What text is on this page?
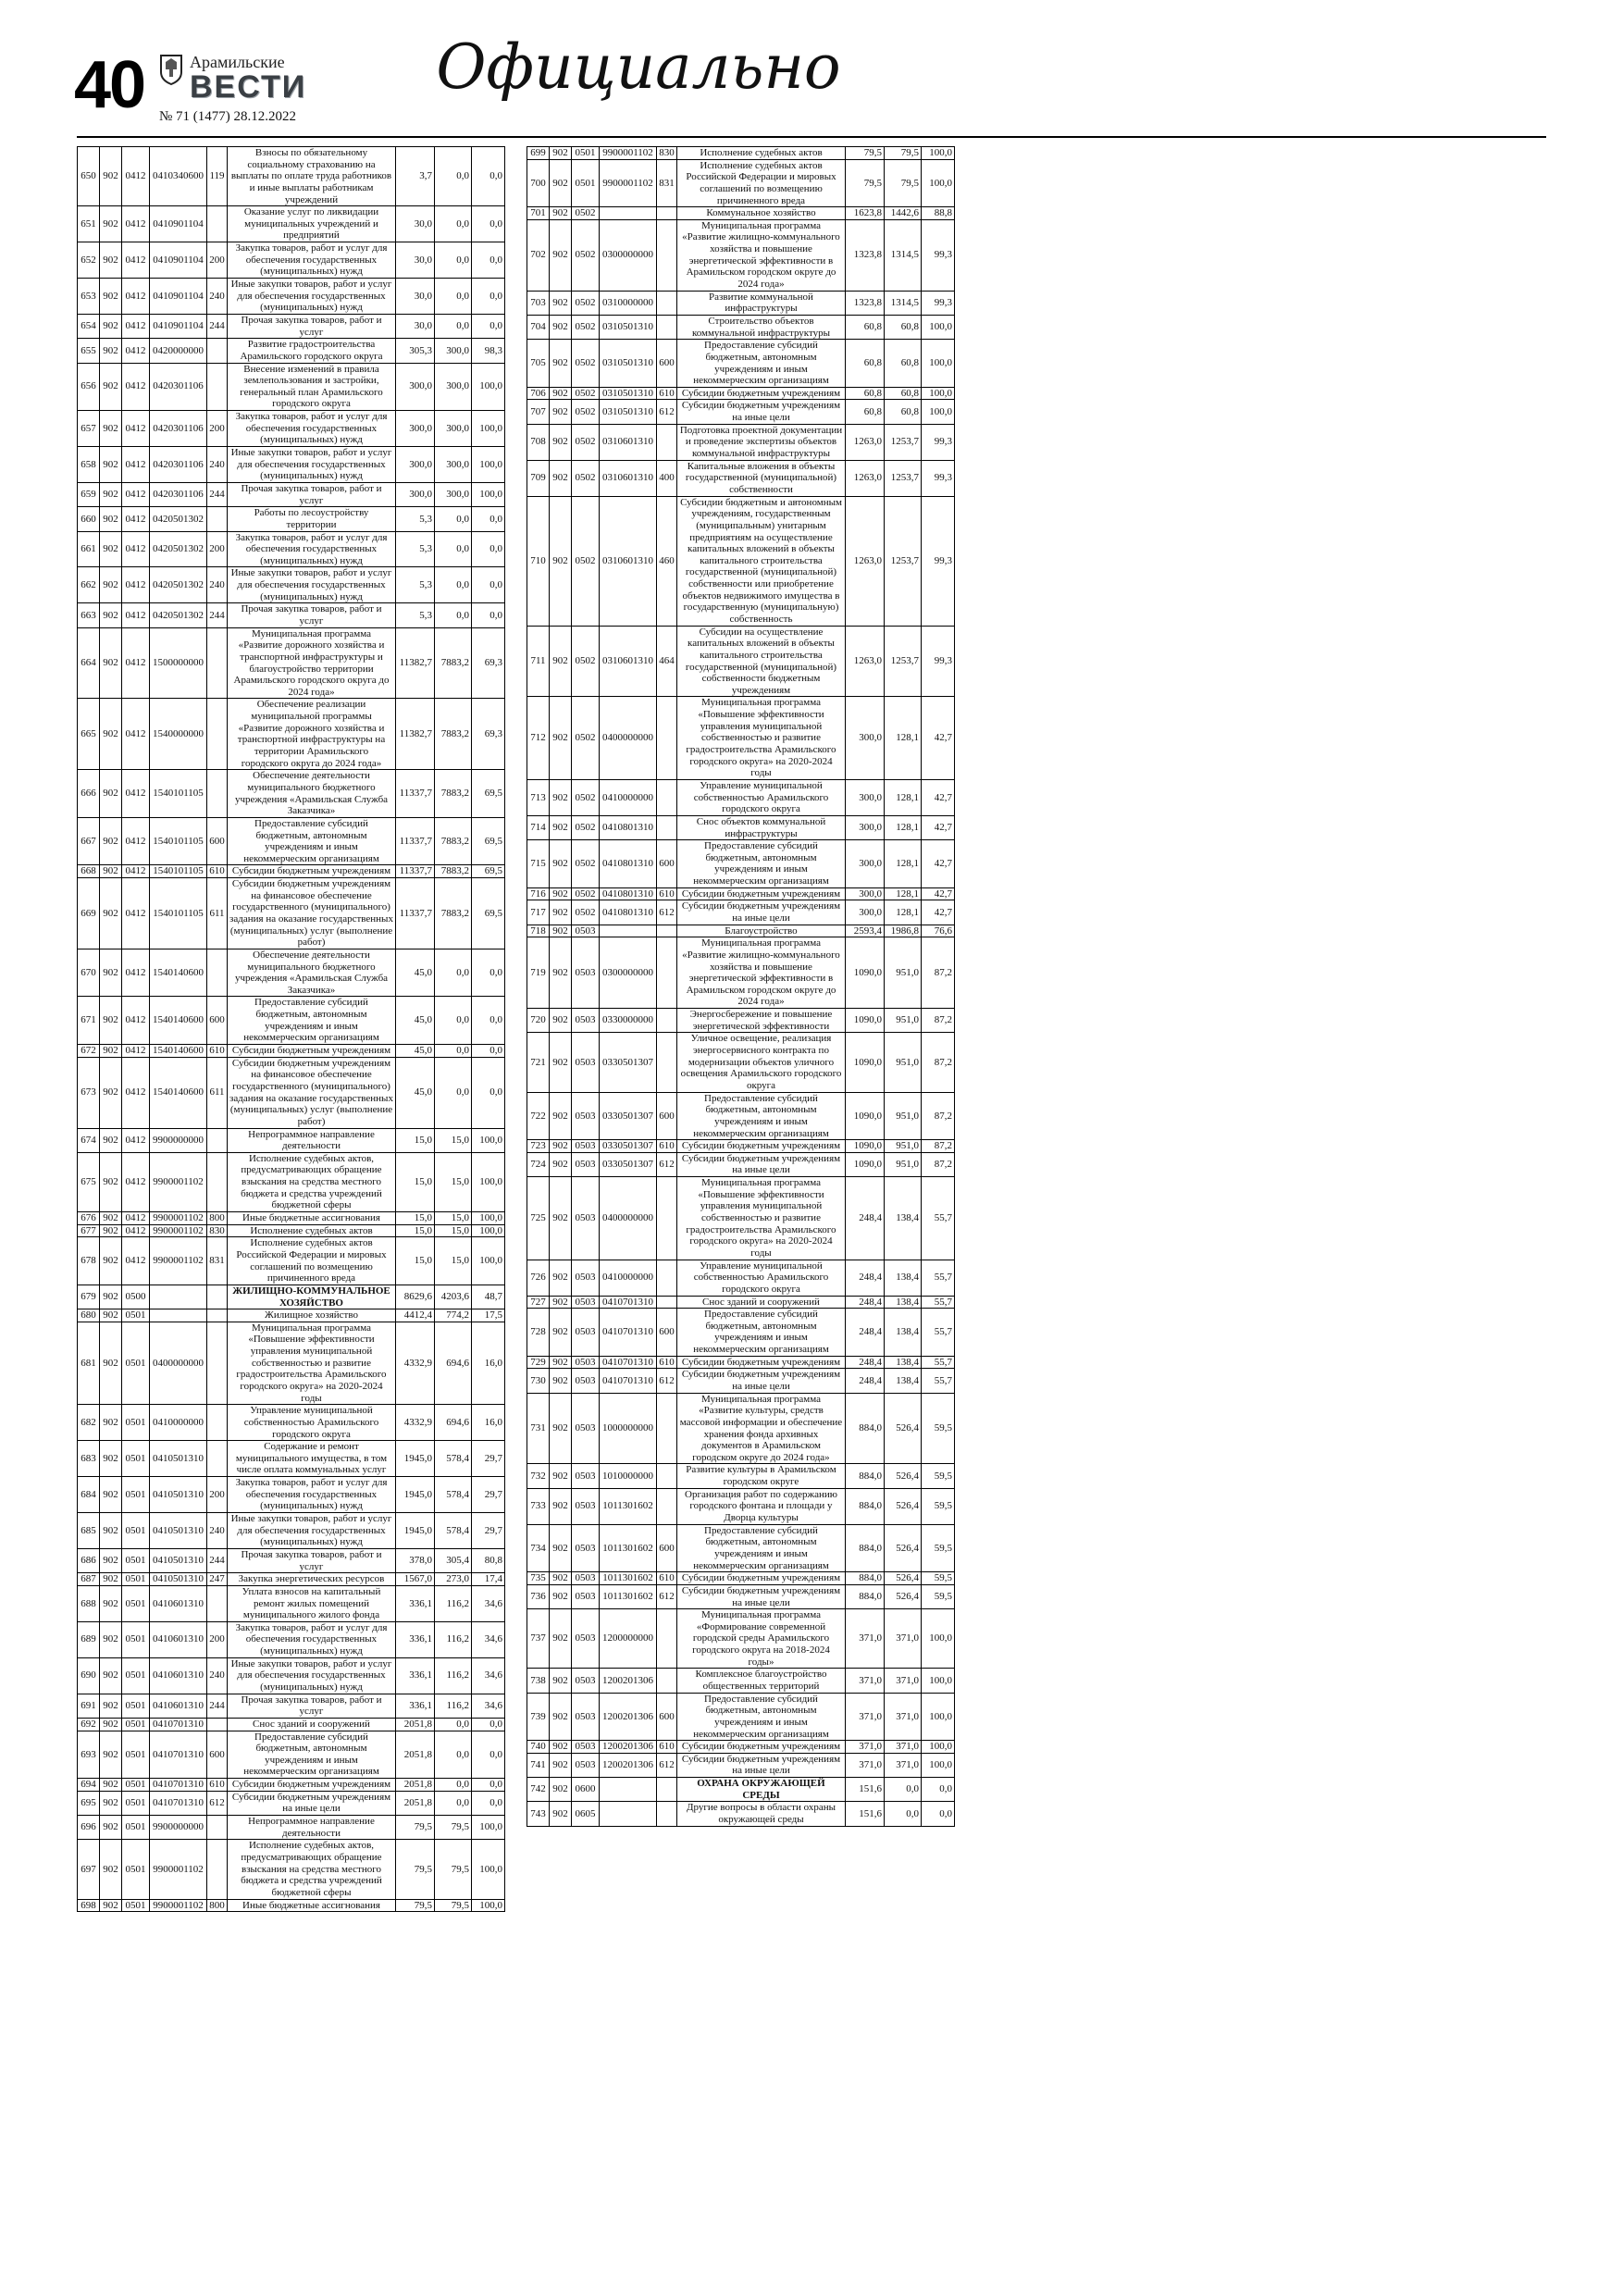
40	Арамильские
ВЕСТИ
№ 71 (1477) 28.12.2022
Официально
650	902	0412	0410340600	119	Взносы по обязательному социальному страхованию на выплаты по оплате труда работников и иные выплаты работникам учреждений	3,7	0,0	0,0
651	902	0412	0410901104		Оказание услуг по ликвидации муниципальных учреждений и предприятий	30,0	0,0	0,0
652	902	0412	0410901104	200	Закупка товаров, работ и услуг для обеспечения государственных (муниципальных) нужд	30,0	0,0	0,0
653	902	0412	0410901104	240	Иные закупки товаров, работ и услуг для обеспечения государственных (муниципальных) нужд	30,0	0,0	0,0
654	902	0412	0410901104	244	Прочая закупка товаров, работ и услуг	30,0	0,0	0,0
655	902	0412	0420000000		Развитие градостроительства Арамильского городского округа	305,3	300,0	98,3
656	902	0412	0420301106		Внесение изменений в правила землепользования и застройки, генеральный план Арамильского городского округа	300,0	300,0	100,0
657	902	0412	0420301106	200	Закупка товаров, работ и услуг для обеспечения государственных (муниципальных) нужд	300,0	300,0	100,0
658	902	0412	0420301106	240	Иные закупки товаров, работ и услуг для обеспечения государственных (муниципальных) нужд	300,0	300,0	100,0
659	902	0412	0420301106	244	Прочая закупка товаров, работ и услуг	300,0	300,0	100,0
660	902	0412	0420501302		Работы по лесоустройству территории	5,3	0,0	0,0
661	902	0412	0420501302	200	Закупка товаров, работ и услуг для обеспечения государственных (муниципальных) нужд	5,3	0,0	0,0
662	902	0412	0420501302	240	Иные закупки товаров, работ и услуг для обеспечения государственных (муниципальных) нужд	5,3	0,0	0,0
663	902	0412	0420501302	244	Прочая закупка товаров, работ и услуг	5,3	0,0	0,0
664	902	0412	1500000000		Муниципальная программа «Развитие дорожного хозяйства и транспортной инфраструктуры и благоустройство территории Арамильского городского округа до 2024 года»	11382,7	7883,2	69,3
665	902	0412	1540000000		Обеспечение реализации муниципальной программы «Развитие дорожного хозяйства и транспортной инфраструктуры на территории Арамильского городского округа до 2024 года»	11382,7	7883,2	69,3
666	902	0412	1540101105		Обеспечение деятельности муниципального бюджетного учреждения «Арамильская Служба Заказчика»	11337,7	7883,2	69,5
667	902	0412	1540101105	600	Предоставление субсидий бюджетным, автономным учреждениям и иным некоммерческим организациям	11337,7	7883,2	69,5
668	902	0412	1540101105	610	Субсидии бюджетным учреждениям	11337,7	7883,2	69,5
669	902	0412	1540101105	611	Субсидии бюджетным учреждениям на финансовое обеспечение государственного (муниципального) задания на оказание государственных (муниципальных) услуг (выполнение работ)	11337,7	7883,2	69,5
670	902	0412	1540140600		Обеспечение деятельности муниципального бюджетного учреждения «Арамильская Служба Заказчика»	45,0	0,0	0,0
671	902	0412	1540140600	600	Предоставление субсидий бюджетным, автономным учреждениям и иным некоммерческим организациям	45,0	0,0	0,0
672	902	0412	1540140600	610	Субсидии бюджетным учреждениям	45,0	0,0	0,0
673	902	0412	1540140600	611	Субсидии бюджетным учреждениям на финансовое обеспечение государственного (муниципального) задания на оказание государственных (муниципальных) услуг (выполнение работ)	45,0	0,0	0,0
674	902	0412	9900000000		Непрограммное направление деятельности	15,0	15,0	100,0
675	902	0412	9900001102		Исполнение судебных актов, предусматривающих обращение взыскания на средства местного бюджета и средства учреждений бюджетной сферы	15,0	15,0	100,0
676	902	0412	9900001102	800	Иные бюджетные ассигнования	15,0	15,0	100,0
677	902	0412	9900001102	830	Исполнение судебных актов	15,0	15,0	100,0
678	902	0412	9900001102	831	Исполнение судебных актов Российской Федерации и мировых соглашений по возмещению причиненного вреда	15,0	15,0	100,0
679	902	0500			ЖИЛИЩНО-КОММУНАЛЬНОЕ ХОЗЯЙСТВО	8629,6	4203,6	48,7
680	902	0501			Жилищное хозяйство	4412,4	774,2	17,5
681	902	0501	0400000000		Муниципальная программа «Повышение эффективности управления муниципальной собственностью и развитие градостроительства Арамильского городского округа» на 2020-2024 годы	4332,9	694,6	16,0
682	902	0501	0410000000		Управление муниципальной собственностью Арамильского городского округа	4332,9	694,6	16,0
683	902	0501	0410501310		Содержание и ремонт муниципального имущества, в том числе оплата коммунальных услуг	1945,0	578,4	29,7
684	902	0501	0410501310	200	Закупка товаров, работ и услуг для обеспечения государственных (муниципальных) нужд	1945,0	578,4	29,7
685	902	0501	0410501310	240	Иные закупки товаров, работ и услуг для обеспечения государственных (муниципальных) нужд	1945,0	578,4	29,7
686	902	0501	0410501310	244	Прочая закупка товаров, работ и услуг	378,0	305,4	80,8
687	902	0501	0410501310	247	Закупка энергетических ресурсов	1567,0	273,0	17,4
688	902	0501	0410601310		Уплата взносов на капитальный ремонт жилых помещений муниципального жилого фонда	336,1	116,2	34,6
689	902	0501	0410601310	200	Закупка товаров, работ и услуг для обеспечения государственных (муниципальных) нужд	336,1	116,2	34,6
690	902	0501	0410601310	240	Иные закупки товаров, работ и услуг для обеспечения государственных (муниципальных) нужд	336,1	116,2	34,6
691	902	0501	0410601310	244	Прочая закупка товаров, работ и услуг	336,1	116,2	34,6
692	902	0501	0410701310		Снос зданий и сооружений	2051,8	0,0	0,0
693	902	0501	0410701310	600	Предоставление субсидий бюджетным, автономным учреждениям и иным некоммерческим организациям	2051,8	0,0	0,0
694	902	0501	0410701310	610	Субсидии бюджетным учреждениям	2051,8	0,0	0,0
695	902	0501	0410701310	612	Субсидии бюджетным учреждениям на иные цели	2051,8	0,0	0,0
696	902	0501	9900000000		Непрограммное направление деятельности	79,5	79,5	100,0
697	902	0501	9900001102		Исполнение судебных актов, предусматривающих обращение взыскания на средства местного бюджета и средства учреждений бюджетной сферы	79,5	79,5	100,0
698	902	0501	9900001102	800	Иные бюджетные ассигнования	79,5	79,5	100,0
699	902	0501	9900001102	830	Исполнение судебных актов	79,5	79,5	100,0
700	902	0501	9900001102	831	Исполнение судебных актов Российской Федерации и мировых соглашений по возмещению причиненного вреда	79,5	79,5	100,0
701	902	0502			Коммунальное хозяйство	1623,8	1442,6	88,8
702	902	0502	0300000000		Муниципальная программа «Развитие жилищно-коммунального хозяйства и повышение энергетической эффективности в Арамильском городском округе до 2024 года»	1323,8	1314,5	99,3
703	902	0502	0310000000		Развитие коммунальной инфраструктуры	1323,8	1314,5	99,3
704	902	0502	0310501310		Строительство объектов коммунальной инфраструктуры	60,8	60,8	100,0
705	902	0502	0310501310	600	Предоставление субсидий бюджетным, автономным учреждениям и иным некоммерческим организациям	60,8	60,8	100,0
706	902	0502	0310501310	610	Субсидии бюджетным учреждениям	60,8	60,8	100,0
707	902	0502	0310501310	612	Субсидии бюджетным учреждениям на иные цели	60,8	60,8	100,0
708	902	0502	0310601310		Подготовка проектной документации и проведение экспертизы объектов коммунальной инфраструктуры	1263,0	1253,7	99,3
709	902	0502	0310601310	400	Капитальные вложения в объекты государственной (муниципальной) собственности	1263,0	1253,7	99,3
710	902	0502	0310601310	460	Субсидии бюджетным и автономным учреждениям, государственным (муниципальным) унитарным предприятиям на осуществление капитальных вложений в объекты капитального строительства государственной (муниципальной) собственности или приобретение объектов недвижимого имущества в государственную (муниципальную) собственность	1263,0	1253,7	99,3
711	902	0502	0310601310	464	Субсидии на осуществление капитальных вложений в объекты капитального строительства государственной (муниципальной) собственности бюджетным учреждениям	1263,0	1253,7	99,3
712	902	0502	0400000000		Муниципальная программа «Повышение эффективности управления муниципальной собственностью и развитие градостроительства Арамильского городского округа» на 2020-2024 годы	300,0	128,1	42,7
713	902	0502	0410000000		Управление муниципальной собственностью Арамильского городского округа	300,0	128,1	42,7
714	902	0502	0410801310		Снос объектов коммунальной инфраструктуры	300,0	128,1	42,7
715	902	0502	0410801310	600	Предоставление субсидий бюджетным, автономным учреждениям и иным некоммерческим организациям	300,0	128,1	42,7
716	902	0502	0410801310	610	Субсидии бюджетным учреждениям	300,0	128,1	42,7
717	902	0502	0410801310	612	Субсидии бюджетным учреждениям на иные цели	300,0	128,1	42,7
718	902	0503			Благоустройство	2593,4	1986,8	76,6
719	902	0503	0300000000		Муниципальная программа «Развитие жилищно-коммунального хозяйства и повышение энергетической эффективности в Арамильском городском округе до 2024 года»	1090,0	951,0	87,2
720	902	0503	0330000000		Энергосбережение и повышение энергетической эффективности	1090,0	951,0	87,2
721	902	0503	0330501307		Уличное освещение, реализация энергосервисного контракта по модернизации объектов уличного освещения Арамильского городского округа	1090,0	951,0	87,2
722	902	0503	0330501307	600	Предоставление субсидий бюджетным, автономным учреждениям и иным некоммерческим организациям	1090,0	951,0	87,2
723	902	0503	0330501307	610	Субсидии бюджетным учреждениям	1090,0	951,0	87,2
724	902	0503	0330501307	612	Субсидии бюджетным учреждениям на иные цели	1090,0	951,0	87,2
725	902	0503	0400000000		Муниципальная программа «Повышение эффективности управления муниципальной собственностью и развитие градостроительства Арамильского городского округа» на 2020-2024 годы	248,4	138,4	55,7
726	902	0503	0410000000		Управление муниципальной собственностью Арамильского городского округа	248,4	138,4	55,7
727	902	0503	0410701310		Снос зданий и сооружений	248,4	138,4	55,7
728	902	0503	0410701310	600	Предоставление субсидий бюджетным, автономным учреждениям и иным некоммерческим организациям	248,4	138,4	55,7
729	902	0503	0410701310	610	Субсидии бюджетным учреждениям	248,4	138,4	55,7
730	902	0503	0410701310	612	Субсидии бюджетным учреждениям на иные цели	248,4	138,4	55,7
731	902	0503	1000000000		Муниципальная программа «Развитие культуры, средств массовой информации и обеспечение хранения фонда архивных документов в Арамильском городском округе до 2024 года»	884,0	526,4	59,5
732	902	0503	1010000000		Развитие культуры в Арамильском городском округе	884,0	526,4	59,5
733	902	0503	1011301602		Организация работ по содержанию городского фонтана и площади у Дворца культуры	884,0	526,4	59,5
734	902	0503	1011301602	600	Предоставление субсидий бюджетным, автономным учреждениям и иным некоммерческим организациям	884,0	526,4	59,5
735	902	0503	1011301602	610	Субсидии бюджетным учреждениям	884,0	526,4	59,5
736	902	0503	1011301602	612	Субсидии бюджетным учреждениям на иные цели	884,0	526,4	59,5
737	902	0503	1200000000		Муниципальная программа «Формирование современной городской среды Арамильского городского округа на 2018-2024 годы»	371,0	371,0	100,0
738	902	0503	1200201306		Комплексное благоустройство общественных территорий	371,0	371,0	100,0
739	902	0503	1200201306	600	Предоставление субсидий бюджетным, автономным учреждениям и иным некоммерческим организациям	371,0	371,0	100,0
740	902	0503	1200201306	610	Субсидии бюджетным учреждениям	371,0	371,0	100,0
741	902	0503	1200201306	612	Субсидии бюджетным учреждениям на иные цели	371,0	371,0	100,0
742	902	0600			ОХРАНА ОКРУЖАЮЩЕЙ СРЕДЫ	151,6	0,0	0,0
743	902	0605			Другие вопросы в области охраны окружающей среды	151,6	0,0	0,0
